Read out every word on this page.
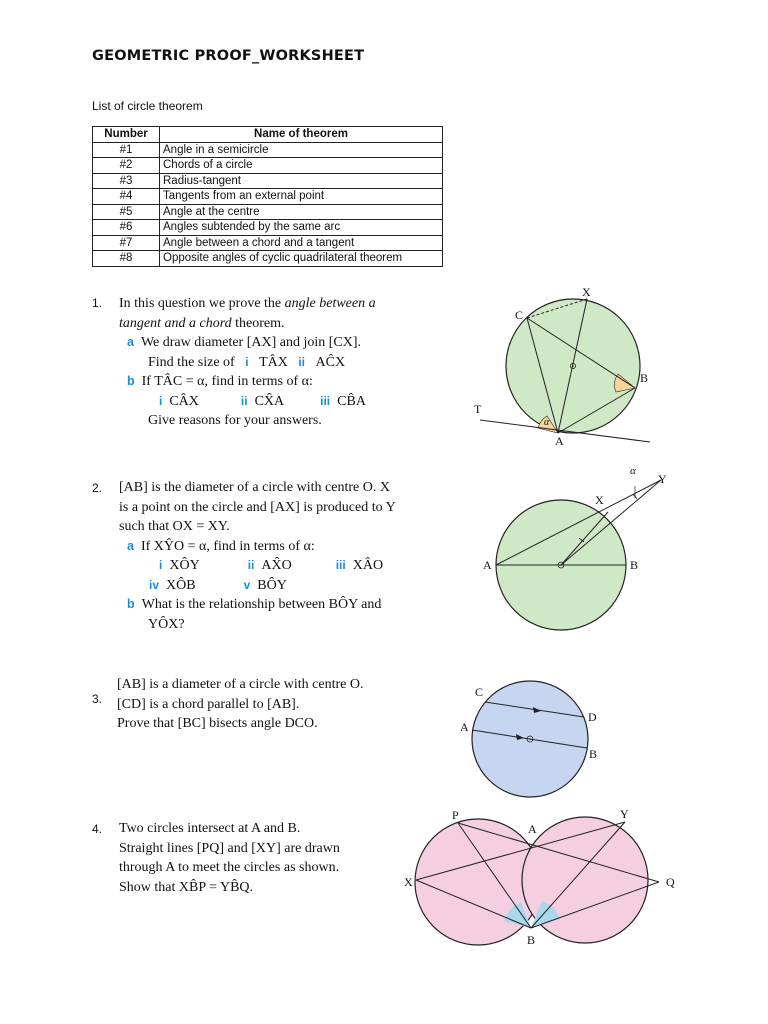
GEOMETRIC PROOF_WORKSHEET
List of circle theorem
Number	Name of theorem
#1	Angle in a semicircle
#2	Chords of a circle
#3	Radius-tangent
#4	Tangents from an external point
#5	Angle at the centre
#6	Angles subtended by the same arc
#7	Angle between a chord and a tangent
#8	Opposite angles of cyclic quadrilateral theorem
1. In this question we prove the angle between a
tangent and a chord theorem.
a We draw diameter [AX] and join [CX].
Find the size of i TÂX ii AĈX
b If TÂC = α, find in terms of α:
i CÂX	ii CX̂A	iii CB̂A
Give reasons for your answers.
C
X
B
T
A
α
2. [AB] is the diameter of a circle with centre O. X
is a point on the circle and [AX] is produced to Y
such that OX = XY.
a If XŶO = α, find in terms of α:
i XÔY	ii AX̂O	iii XÂO
iv XÔB	v BÔY
b What is the relationship between BÔY and
YÔX?
α
Y
X
A	B
3.
[AB] is a diameter of a circle with centre O.
[CD] is a chord parallel to [AB].
Prove that [BC] bisects angle DCO.
C
D
A
B
4. Two circles intersect at A and B.
Straight lines [PQ] and [XY] are drawn
through A to meet the circles as shown.
Show that XB̂P = YB̂Q.
P
A
Y
X	Q
B
